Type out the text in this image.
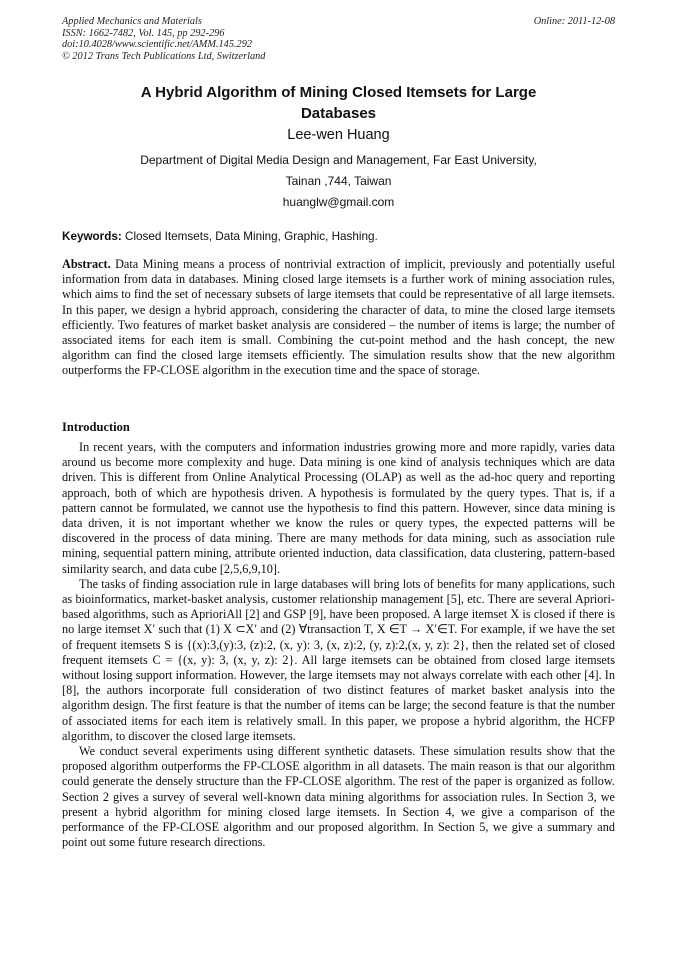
Applied Mechanics and Materials
ISSN: 1662-7482, Vol. 145, pp 292-296
doi:10.4028/www.scientific.net/AMM.145.292
© 2012 Trans Tech Publications Ltd, Switzerland
Online: 2011-12-08
A Hybrid Algorithm of Mining Closed Itemsets for Large
Databases
Lee-wen Huang
Department of Digital Media Design and Management, Far East University,
Tainan ,744, Taiwan
huanglw@gmail.com
Keywords: Closed Itemsets, Data Mining, Graphic, Hashing.

Abstract. Data Mining means a process of nontrivial extraction of implicit, previously and potentially useful information from data in databases. Mining closed large itemsets is a further work of mining association rules, which aims to find the set of necessary subsets of large itemsets that could be representative of all large itemsets. In this paper, we design a hybrid approach, considering the character of data, to mine the closed large itemsets efficiently. Two features of market basket analysis are considered – the number of items is large; the number of associated items for each item is small. Combining the cut-point method and the hash concept, the new algorithm can find the closed large itemsets efficiently. The simulation results show that the new algorithm outperforms the FP-CLOSE algorithm in the execution time and the space of storage.

Introduction

In recent years, with the computers and information industries growing more and more rapidly, varies data around us become more complexity and huge. Data mining is one kind of analysis techniques which are data driven. This is different from Online Analytical Processing (OLAP) as well as the ad-hoc query and reporting approach, both of which are hypothesis driven. A hypothesis is formulated by the query types. That is, if a pattern cannot be formulated, we cannot use the hypothesis to find this pattern. However, since data mining is data driven, it is not important whether we know the rules or query types, the expected patterns will be discovered in the process of data mining. There are many methods for data mining, such as association rule mining, sequential pattern mining, attribute oriented induction, data classification, data clustering, pattern-based similarity search, and data cube [2,5,6,9,10].

The tasks of finding association rule in large databases will bring lots of benefits for many applications, such as bioinformatics, market-basket analysis, customer relationship management [5], etc. There are several Apriori-based algorithms, such as AprioriAll [2] and GSP [9], have been proposed. A large itemset X is closed if there is no large itemset X′ such that (1) X ⊂X′ and (2) ∀transaction T, X ∈T → X′∈T. For example, if we have the set of frequent itemsets S is {(x):3,(y):3, (z):2, (x, y): 3, (x, z):2, (y, z):2,(x, y, z): 2}, then the related set of closed frequent itemsets C = {(x, y): 3, (x, y, z): 2}. All large itemsets can be obtained from closed large itemsets without losing support information. However, the large itemsets may not always correlate with each other [4]. In [8], the authors incorporate full consideration of two distinct features of market basket analysis into the algorithm design. The first feature is that the number of items can be large; the second feature is that the number of associated items for each item is relatively small. In this paper, we propose a hybrid algorithm, the HCFP algorithm, to discover the closed large itemsets.

We conduct several experiments using different synthetic datasets. These simulation results show that the proposed algorithm outperforms the FP-CLOSE algorithm in all datasets. The main reason is that our algorithm could generate the densely structure than the FP-CLOSE algorithm. The rest of the paper is organized as follow. Section 2 gives a survey of several well-known data mining algorithms for association rules. In Section 3, we present a hybrid algorithm for mining closed large itemsets. In Section 4, we give a comparison of the performance of the FP-CLOSE algorithm and our proposed algorithm. In Section 5, we give a summary and point out some future research directions.
